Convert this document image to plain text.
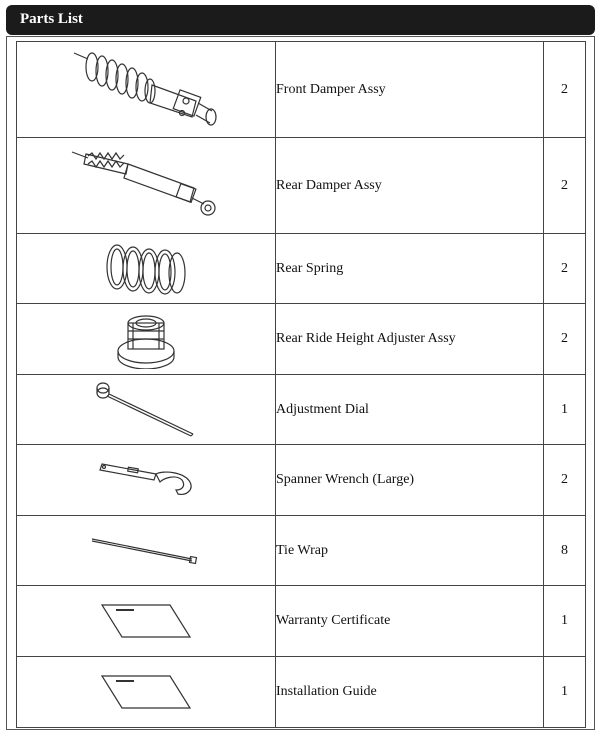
Parts List
	Front Damper Assy	2

	Rear Damper Assy	2

	Rear Spring	2

	Rear Ride Height Adjuster Assy	2

	Adjustment Dial	1

	Spanner Wrench (Large)	2

	Tie Wrap	8

	Warranty Certificate	1

	Installation Guide	1
